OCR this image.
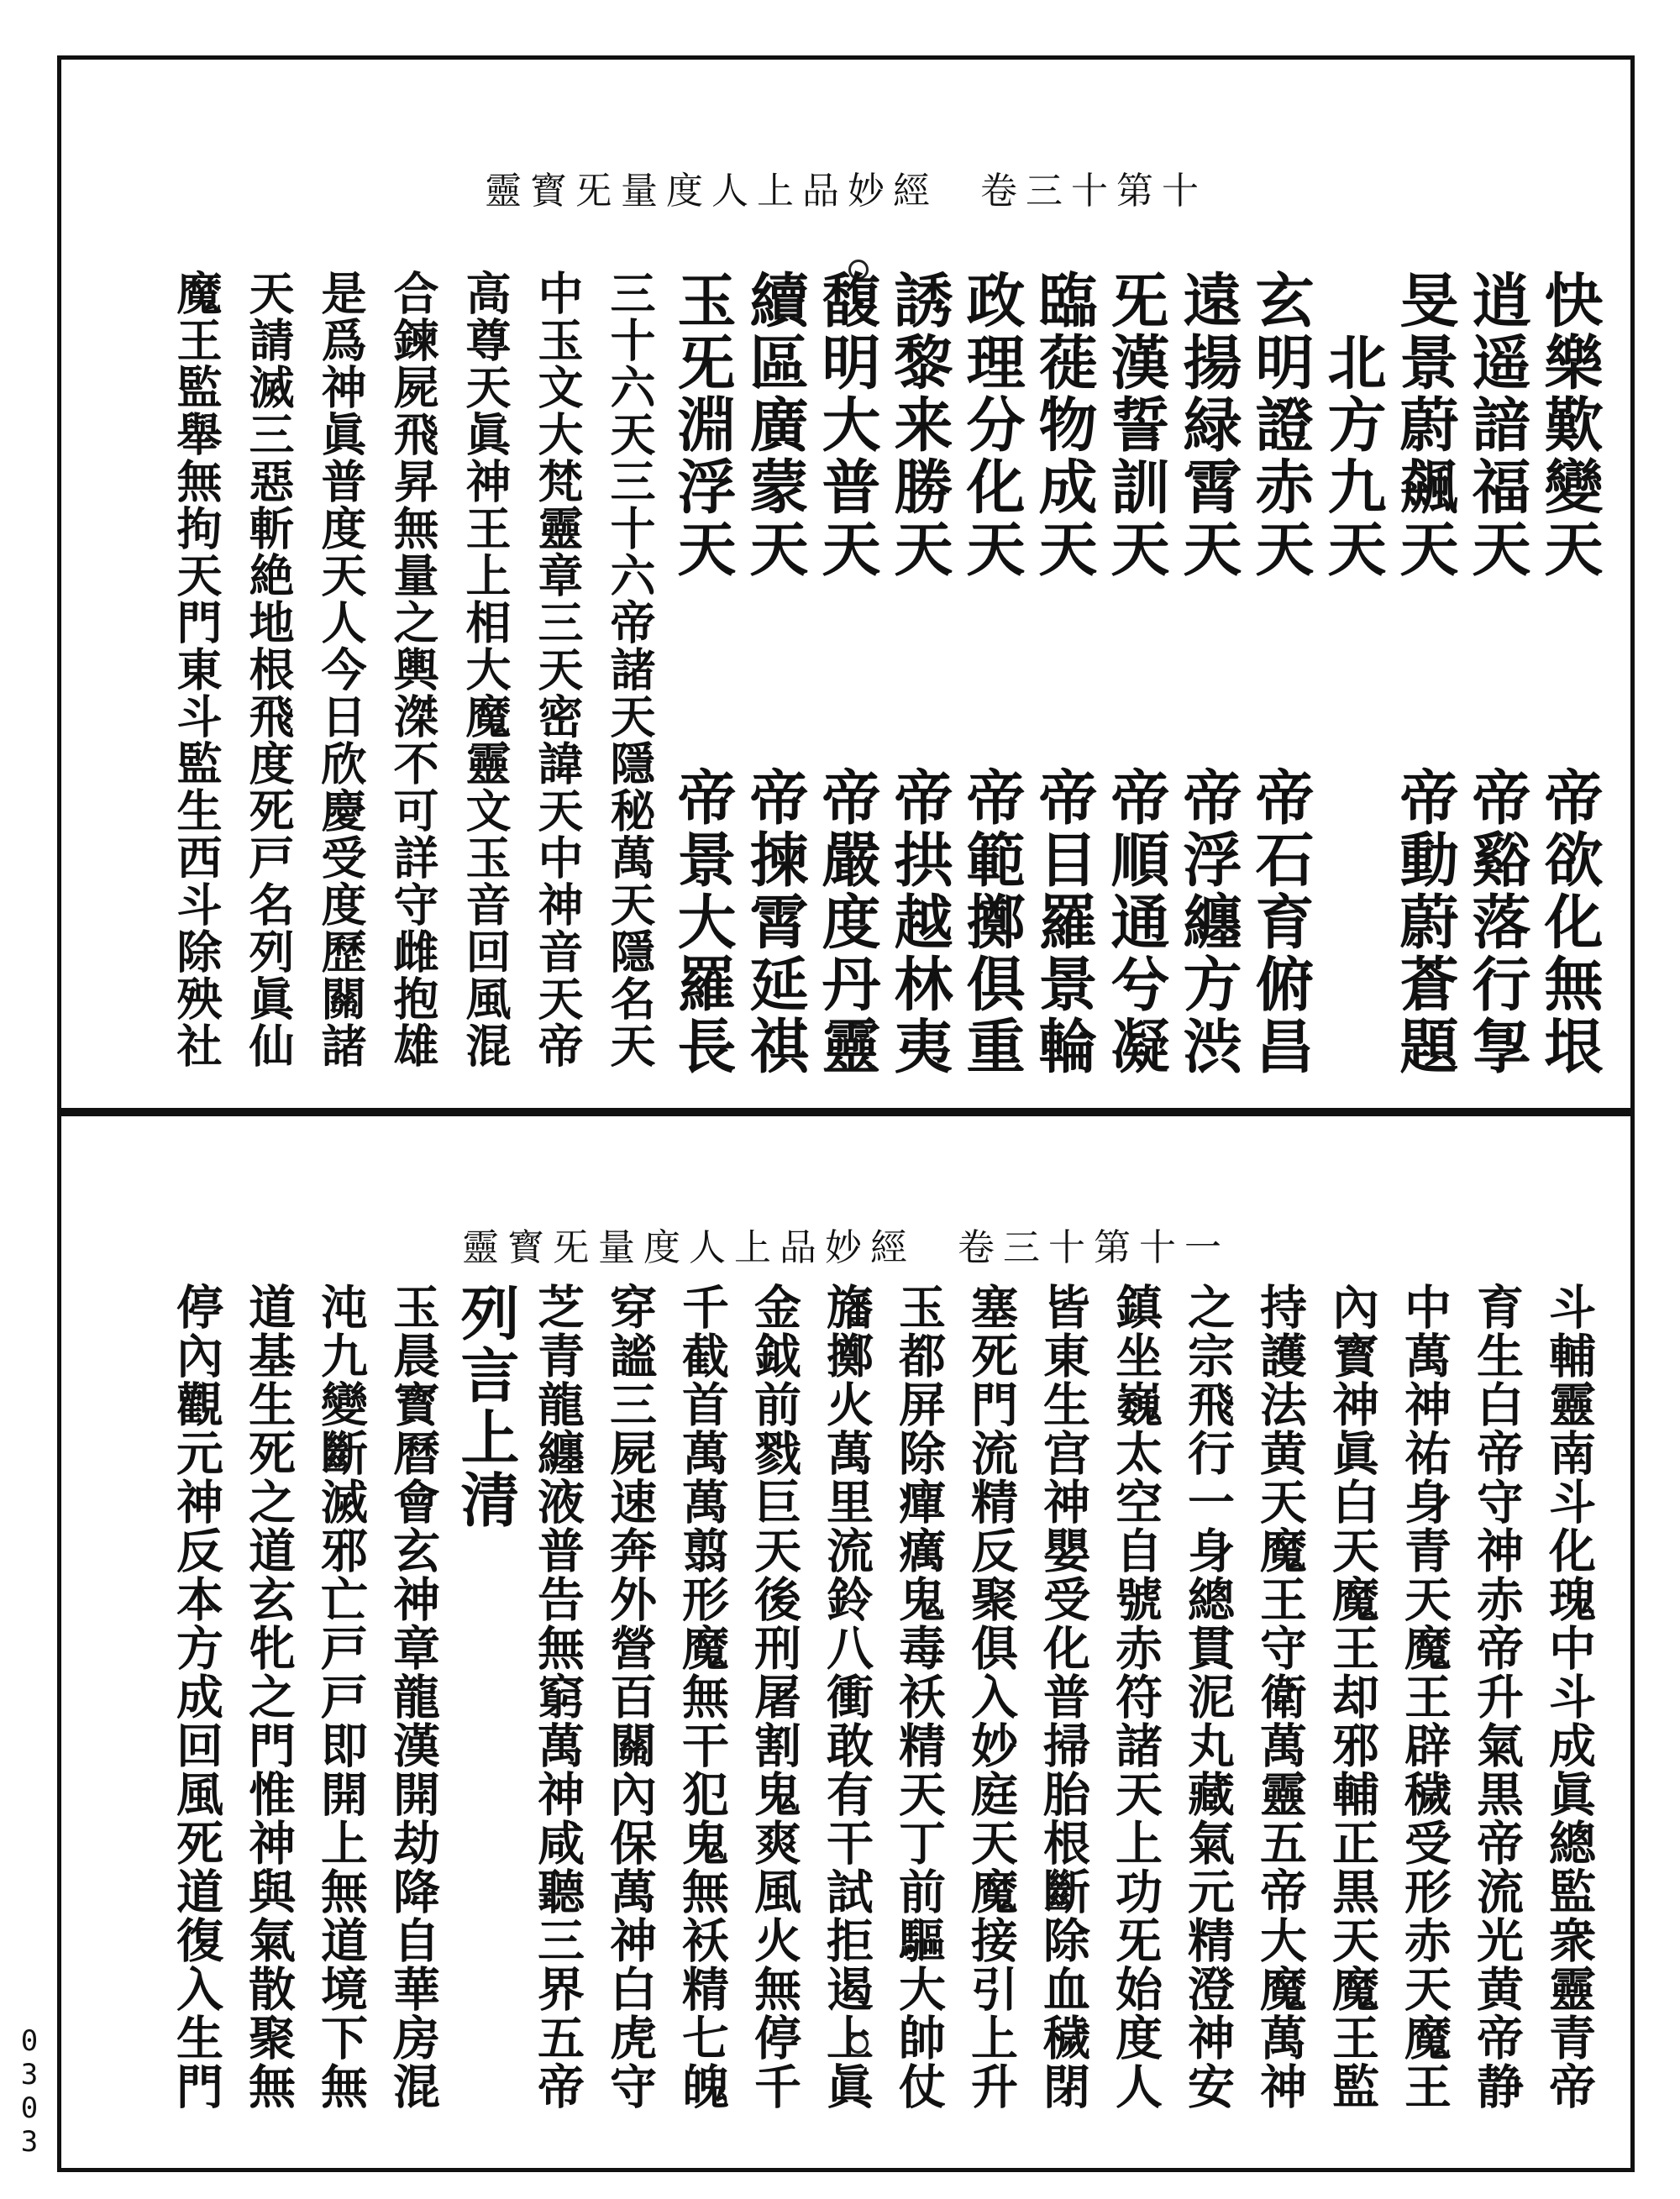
靈寳旡量度人上品妙經 卷三十第十
快樂歎變天帝欲化無垠
逍遥諳福天帝谿落行㝁
旻景蔚飆天帝動蔚蒼題
北方九天
玄明證赤天帝石育俯昌
遠揚緑霄天帝浮纏方渋
旡漢誓訓天帝順通兮凝
臨蓰物成天帝目羅景輪
政理分化天帝範擲俱重
誘黎来勝天帝拱越林夷
馥明大普天帝嚴度丹靈
續區廣蒙天帝揀霄延祺
玉旡淵浮天帝景大羅長
三十六天三十六帝諸天隱秘萬天隱名天
中玉文大梵靈章三天密諱天中神音天帝
高尊天眞神王上相大魔靈文玉音回風混
合鍊屍飛昇無量之輿滐不可詳守雌抱雄
是爲神眞普度天人今日欣慶受度歷關諸
天請滅三惡斬絶地根飛度死戸名列眞仙
魔王監舉無拘天門東斗監生西斗除殃社
靈寳旡量度人上品妙經 卷三十第十一
斗輔靈南斗化瑰中斗成眞總監衆靈青帝
育生白帝守神赤帝升氣黒帝流光黄帝静
中萬神祐身青天魔王辟穢受形赤天魔王
內寳神眞白天魔王却邪輔正黒天魔王監
持護法黄天魔王守衛萬靈五帝大魔萬神
之宗飛行一身總貫泥丸藏氣元精澄神安
鎮坐巍太空自號赤符諸天上功旡始度人
皆東生宫神嬰受化普掃胎根斷除血穢閉
塞死門流精反聚俱入妙庭天魔接引上升
玉都屏除癉癘鬼毒袄精天丁前驅大帥仗
旛擲火萬里流鈴八衝敢有干試拒遏上眞
金鉞前戮巨天後刑屠割鬼爽風火無停千
千截首萬萬翦形魔無干犯鬼無袄精七魄
穿謐三屍速奔外營百關內保萬神白虎守
芝青龍纏液普告無窮萬神咸聽三界五帝
列言上清
玉晨寳曆會玄神章龍漢開劫降自華房混
沌九變斷滅邪亡戸戸即開上無道境下無
道基生死之道玄牝之門惟神與氣散聚無
停內觀元神反本方成回風死道復入生門
0303
